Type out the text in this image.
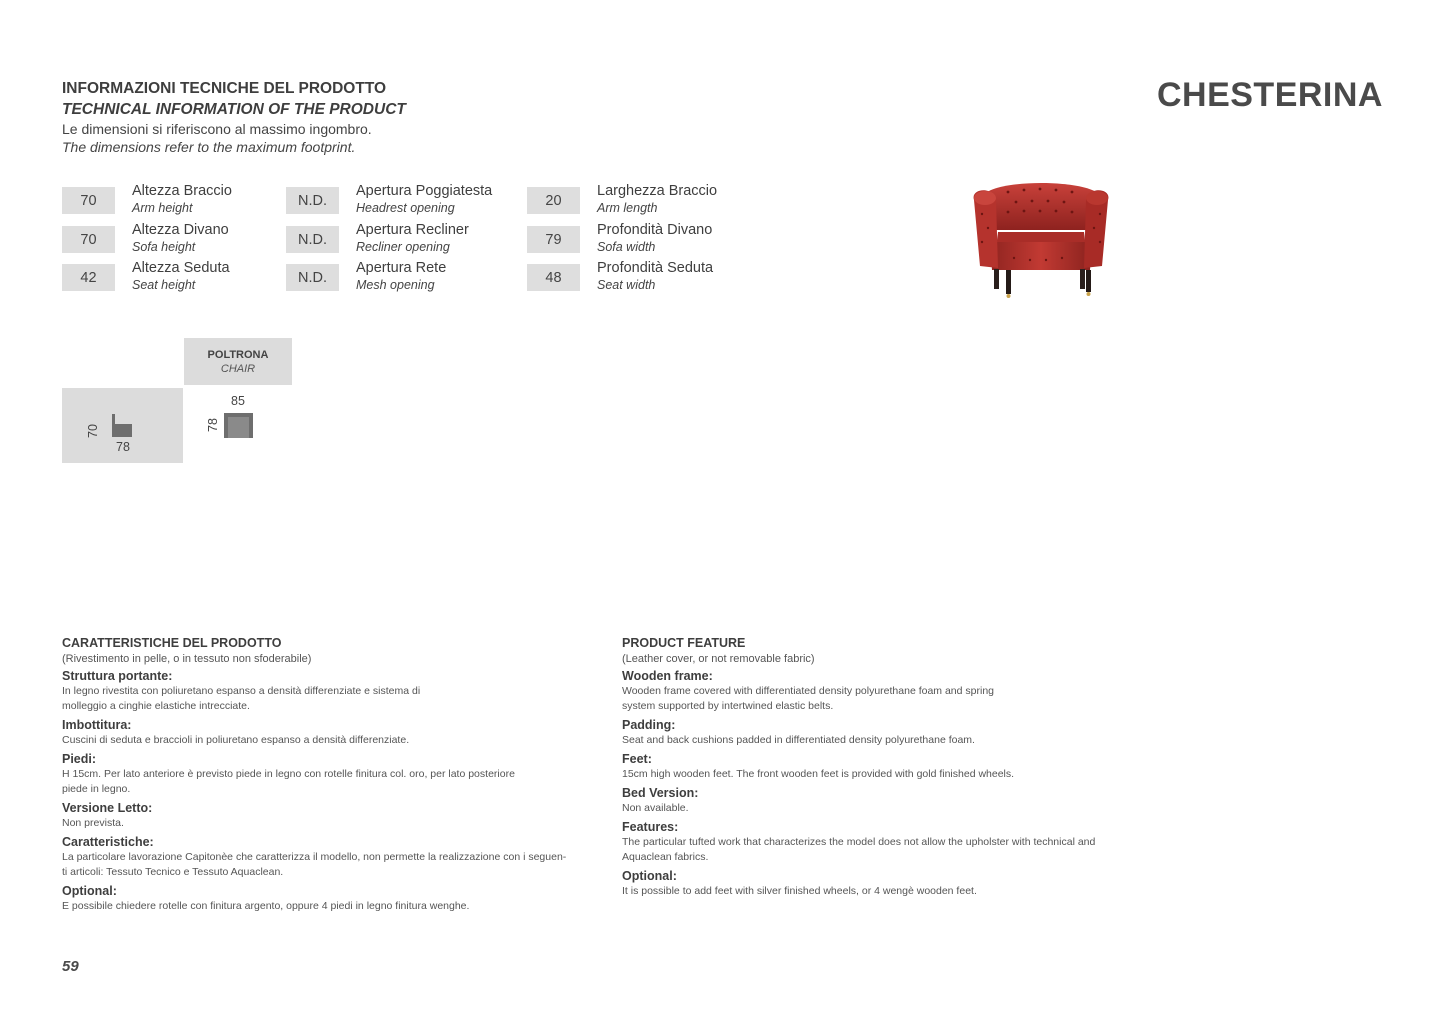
INFORMAZIONI TECNICHE DEL PRODOTTO
TECHNICAL INFORMATION OF THE PRODUCT
Le dimensioni si riferiscono al massimo ingombro.
The dimensions refer to the maximum footprint.
CHESTERINA
70
Altezza Braccio
Arm height
70
Altezza Divano
Sofa height
42
Altezza Seduta
Seat height
N.D.
Apertura Poggiatesta
Headrest opening
N.D.
Apertura Recliner
Recliner opening
N.D.
Apertura Rete
Mesh opening
20
Larghezza Braccio
Arm length
79
Profondità Divano
Sofa width
48
Profondità Seduta
Seat width
POLTRONA
CHAIR
70
78
85
78
CARATTERISTICHE DEL PRODOTTO
(Rivestimento in pelle, o in tessuto non sfoderabile)
Struttura portante:
In legno rivestita con poliuretano espanso a densità differenziate e sistema di
molleggio a cinghie elastiche intrecciate.
Imbottitura:
Cuscini di seduta e braccioli in poliuretano espanso a densità differenziate.
Piedi:
H 15cm. Per lato anteriore è previsto piede in legno con rotelle finitura col. oro, per lato posteriore
piede in legno.
Versione Letto:
Non prevista.
Caratteristiche:
La particolare lavorazione Capitonèe che caratterizza il modello, non permette la realizzazione con i seguen-
ti articoli: Tessuto Tecnico e Tessuto Aquaclean.
Optional:
E possibile chiedere rotelle con finitura argento, oppure 4 piedi in legno finitura wenghe.
PRODUCT FEATURE
(Leather cover, or not removable fabric)
Wooden frame:
Wooden frame covered with differentiated density polyurethane foam and spring
system supported by intertwined elastic belts.
Padding:
Seat and back cushions padded in differentiated density polyurethane foam.
Feet:
15cm high wooden feet. The front wooden feet is provided with gold finished wheels.
Bed Version:
Non available.
Features:
The particular tufted work that characterizes the model does not allow the upholster with technical and
Aquaclean fabrics.
Optional:
It is possible to add feet with silver finished wheels, or 4 wengè wooden feet.
59
